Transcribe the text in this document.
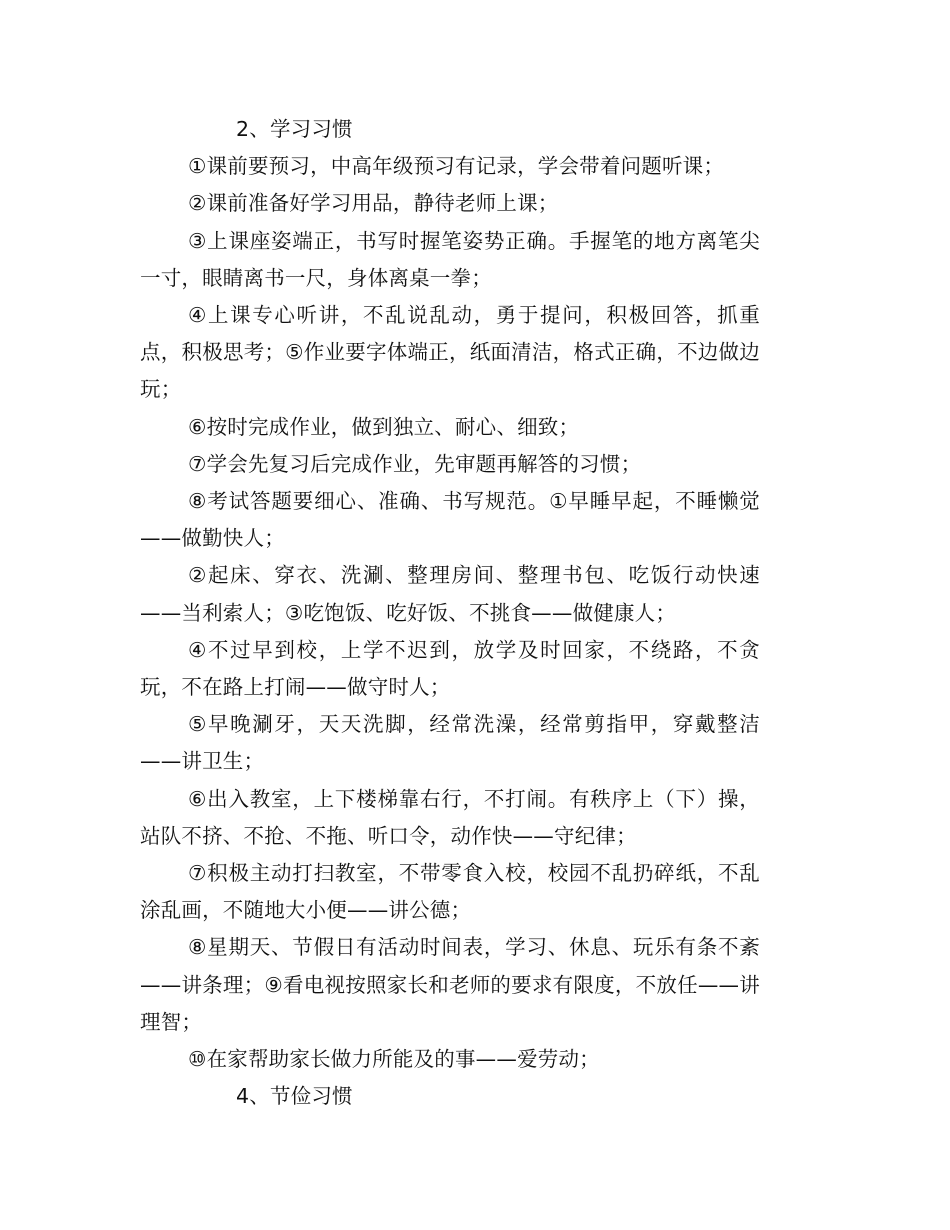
2、学习习惯

①课前要预习，中高年级预习有记录，学会带着问题听课；

②课前准备好学习用品，静待老师上课；

③上课座姿端正，书写时握笔姿势正确。手握笔的地方离笔尖一寸，眼睛离书一尺，身体离桌一拳；

④上课专心听讲，不乱说乱动，勇于提问，积极回答，抓重点，积极思考；⑤作业要字体端正，纸面清洁，格式正确，不边做边玩；

⑥按时完成作业，做到独立、耐心、细致；

⑦学会先复习后完成作业，先审题再解答的习惯；

⑧考试答题要细心、准确、书写规范。①早睡早起，不睡懒觉——做勤快人；

②起床、穿衣、洗涮、整理房间、整理书包、吃饭行动快速——当利索人；③吃饱饭、吃好饭、不挑食——做健康人；

④不过早到校，上学不迟到，放学及时回家，不绕路，不贪玩，不在路上打闹——做守时人；

⑤早晚涮牙，天天洗脚，经常洗澡，经常剪指甲，穿戴整洁——讲卫生；

⑥出入教室，上下楼梯靠右行，不打闹。有秩序上（下）操，站队不挤、不抢、不拖、听口令，动作快——守纪律；

⑦积极主动打扫教室，不带零食入校，校园不乱扔碎纸，不乱涂乱画，不随地大小便——讲公德；

⑧星期天、节假日有活动时间表，学习、休息、玩乐有条不紊——讲条理；⑨看电视按照家长和老师的要求有限度，不放任——讲理智；

⑩在家帮助家长做力所能及的事——爱劳动；

4、节俭习惯
